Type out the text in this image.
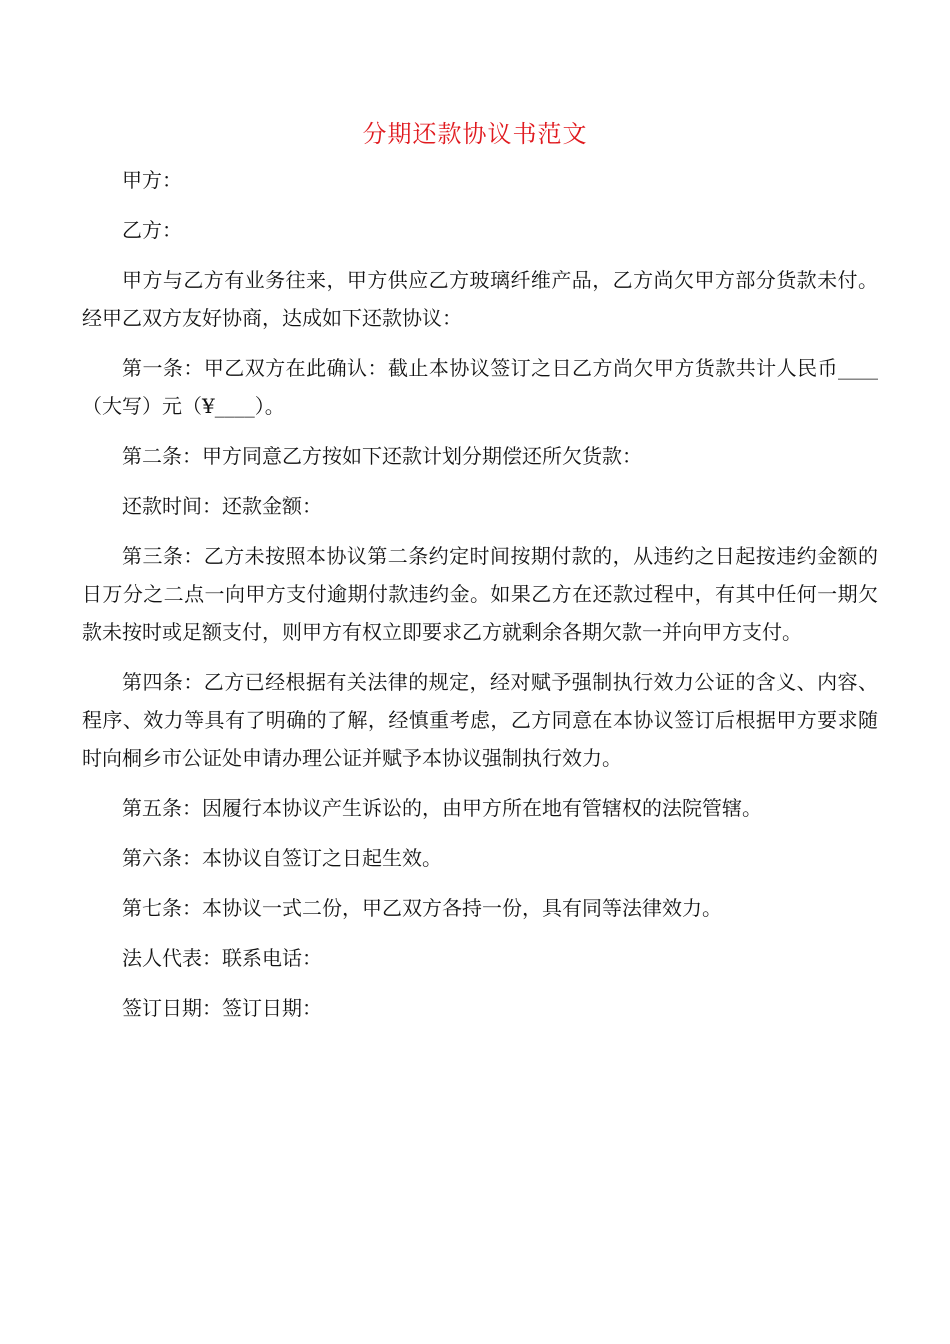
分期还款协议书范文

甲方：

乙方：

甲方与乙方有业务往来，甲方供应乙方玻璃纤维产品，乙方尚欠甲方部分货款未付。经甲乙双方友好协商，达成如下还款协议：

第一条：甲乙双方在此确认：截止本协议签订之日乙方尚欠甲方货款共计人民币____（大写）元（¥____）。

第二条：甲方同意乙方按如下还款计划分期偿还所欠货款：

还款时间：还款金额：

第三条：乙方未按照本协议第二条约定时间按期付款的，从违约之日起按违约金额的日万分之二点一向甲方支付逾期付款违约金。如果乙方在还款过程中，有其中任何一期欠款未按时或足额支付，则甲方有权立即要求乙方就剩余各期欠款一并向甲方支付。

第四条：乙方已经根据有关法律的规定，经对赋予强制执行效力公证的含义、内容、程序、效力等具有了明确的了解，经慎重考虑，乙方同意在本协议签订后根据甲方要求随时向桐乡市公证处申请办理公证并赋予本协议强制执行效力。

第五条：因履行本协议产生诉讼的，由甲方所在地有管辖权的法院管辖。

第六条：本协议自签订之日起生效。

第七条：本协议一式二份，甲乙双方各持一份，具有同等法律效力。

法人代表：联系电话：

签订日期：签订日期：
